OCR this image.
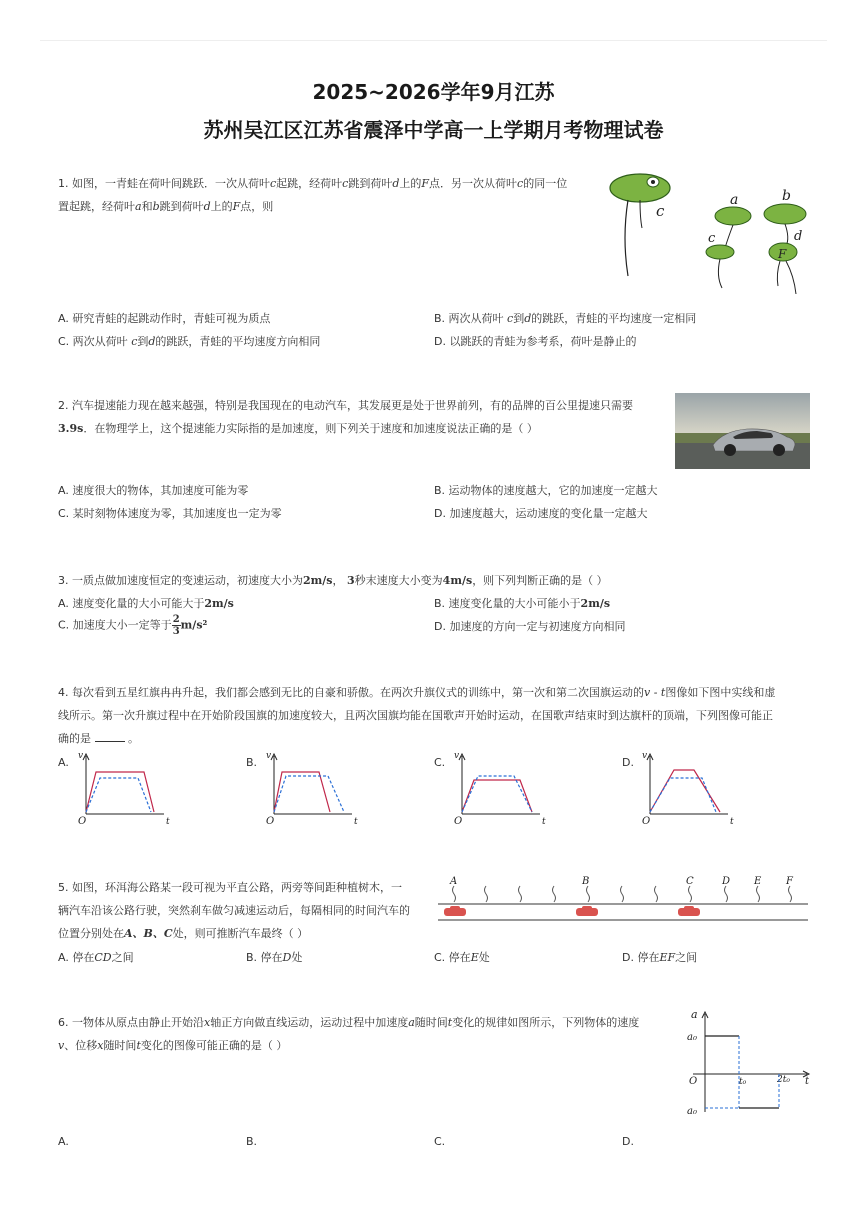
2025~2026学年9月江苏
苏州吴江区江苏省震泽中学高一上学期月考物理试卷
1. 如图，一青蛙在荷叶间跳跃．一次从荷叶c起跳，经荷叶c跳到荷叶d上的F点．另一次从荷叶c的同一位
置起跳，经荷叶a和b跳到荷叶d上的F点，则	c
a	b
c	d
F
A. 研究青蛙的起跳动作时，青蛙可视为质点	B. 两次从荷叶 c到d的跳跃，青蛙的平均速度一定相同
C. 两次从荷叶 c到d的跳跃，青蛙的平均速度方向相同	D. 以跳跃的青蛙为参考系，荷叶是静止的
2. 汽车提速能力现在越来越强，特别是我国现在的电动汽车，其发展更是处于世界前列，有的品牌的百公里提速只需要
3.9s．在物理学上，这个提速能力实际指的是加速度，则下列关于速度和加速度说法正确的是（ ）
A. 速度很大的物体，其加速度可能为零	B. 运动物体的速度越大，它的加速度一定越大
C. 某时刻物体速度为零，其加速度也一定为零	D. 加速度越大，运动速度的变化量一定越大
3. 一质点做加速度恒定的变速运动，初速度大小为2m/s， 3秒末速度大小变为4m/s，则下列判断正确的是（ ）
A. 速度变化量的大小可能大于2m/s	B. 速度变化量的大小可能小于2m/s
C. 加速度大小一定等于 $\frac{2}{3} m/s^2$	D. 加速度的方向一定与初速度方向相同
4. 每次看到五星红旗冉冉升起，我们都会感到无比的自豪和骄傲。在两次升旗仪式的训练中，第一次和第二次国旗运动的v - t图像如下图中实线和虚
线所示。第一次升旗过程中在开始阶段国旗的加速度较大，且两次国旗均能在国歌声开始时运动，在国歌声结束时到达旗杆的顶端，下列图像可能正
确的是	。
A.	B.	C.	D.
v
O	t
v
O	t
v
O	t
v
O	t
5. 如图，环洱海公路某一段可视为平直公路，两旁等间距种植树木，一
辆汽车沿该公路行驶，突然刹车做匀减速运动后，每隔相同的时间汽车的
位置分别处在A、B、C处，则可推断汽车最终（ ）
A	B	C	D E F
A. 停在CD之间	B. 停在D处	C. 停在E处	D. 停在EF之间
6. 一物体从原点由静止开始沿x轴正方向做直线运动，运动过程中加速度a随时间t变化的规律如图所示，下列物体的速度
v、位移x随时间t变化的图像可能正确的是（ ）
a
a₀
O	t₀	2t₀ t
a₀
A.	B.	C.	D.
